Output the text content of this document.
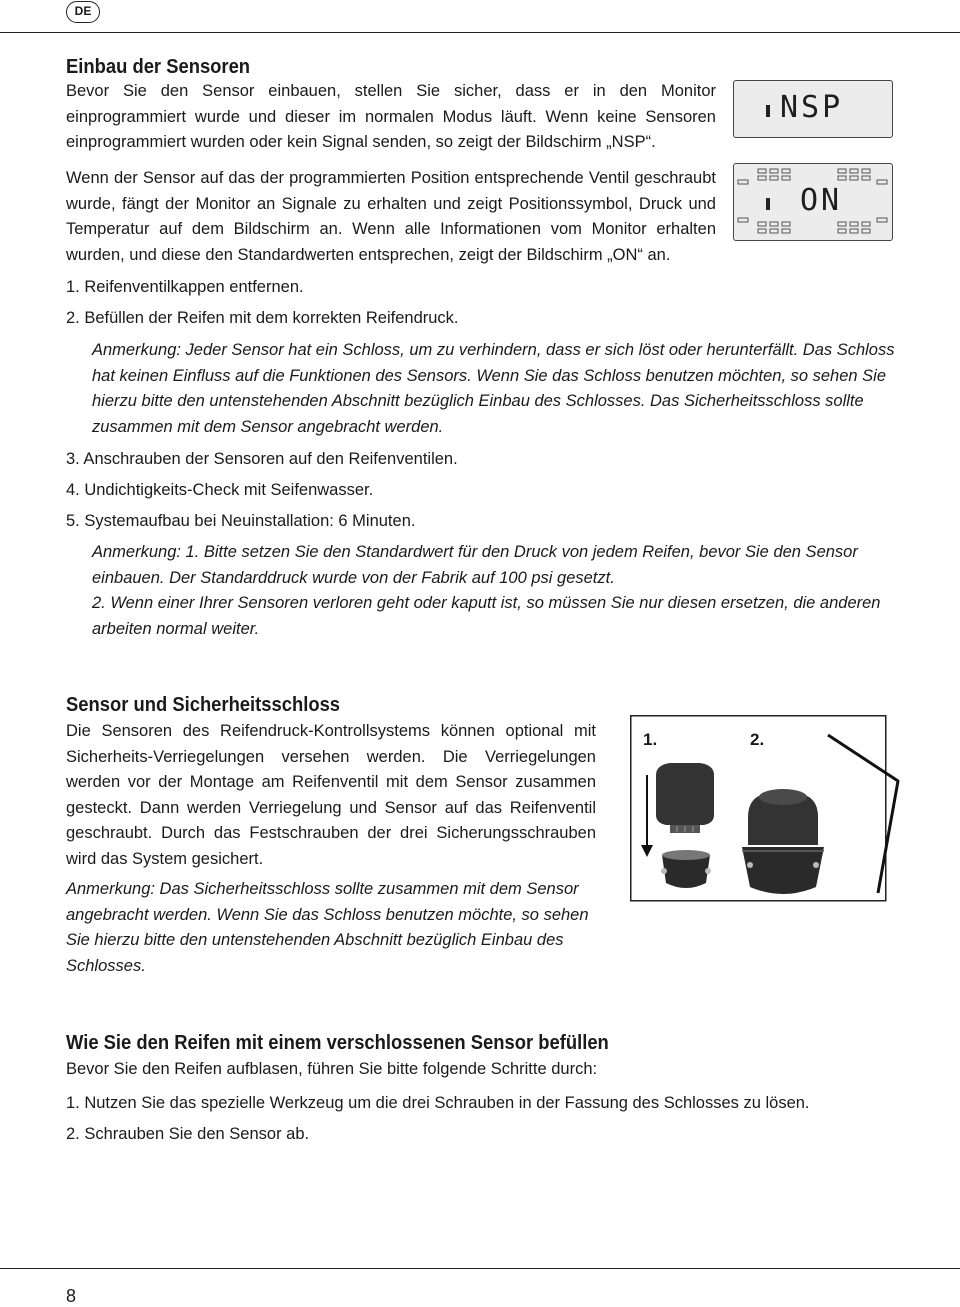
DE
Einbau der Sensoren

Bevor Sie den Sensor einbauen, stellen Sie sicher, dass er in den Monitor einprogrammiert wurde und dieser im normalen Modus läuft. Wenn keine Sensoren einprogrammiert wurden oder kein Signal senden, so zeigt der Bildschirm „NSP“.

Wenn der Sensor auf das der programmierten Position entsprechende Ventil geschraubt wurde, fängt der Monitor an Signale zu erhalten und zeigt Positionssymbol, Druck und Temperatur auf dem Bildschirm an. Wenn alle Informationen vom Monitor erhalten wurden, und diese den Standardwerten entsprechen, zeigt der Bildschirm „ON“ an.

1. Reifenventilkappen entfernen.
2. Befüllen der Reifen mit dem korrekten Reifendruck.

Anmerkung: Jeder Sensor hat ein Schloss, um zu verhindern, dass er sich löst oder herunterfällt. Das Schloss hat keinen Einfluss auf die Funktionen des Sensors. Wenn Sie das Schloss benutzen möchten, so sehen Sie hierzu bitte den untenstehenden Abschnitt bezüglich Einbau des Schlosses. Das Sicherheitsschloss sollte zusammen mit dem Sensor angebracht werden.

3. Anschrauben der Sensoren auf den Reifenventilen.
4. Undichtigkeits-Check mit Seifenwasser.
5. Systemaufbau bei Neuinstallation: 6 Minuten.

Anmerkung: 1. Bitte setzen Sie den Standardwert für den Druck von jedem Reifen, bevor Sie den Sensor einbauen. Der Standarddruck wurde von der Fabrik auf 100 psi gesetzt.

2. Wenn einer Ihrer Sensoren verloren geht oder kaputt ist, so müssen Sie nur diesen ersetzen, die anderen arbeiten normal weiter.

NSP
ON
Sensor und Sicherheitsschloss

Die Sensoren des Reifendruck-Kontrollsystems können optional mit Sicherheits-Verriegelungen versehen werden. Die Verriegelungen werden vor der Montage am Reifenventil mit dem Sensor zusammen gesteckt. Dann werden Verriegelung und Sensor auf das Reifenventil geschraubt. Durch das Festschrauben der drei Sicherungsschrauben wird das System gesichert.

Anmerkung: Das Sicherheitsschloss sollte zusammen mit dem Sensor angebracht werden. Wenn Sie das Schloss benutzen möchte, so sehen Sie hierzu bitte den untenstehenden Abschnitt bezüglich Einbau des Schlosses.

1.	2.
Wie Sie den Reifen mit einem verschlossenen Sensor befüllen
Bevor Sie den Reifen aufblasen, führen Sie bitte folgende Schritte durch:
1. Nutzen Sie das spezielle Werkzeug um die drei Schrauben in der Fassung des Schlosses zu lösen.
2. Schrauben Sie den Sensor ab.
8
